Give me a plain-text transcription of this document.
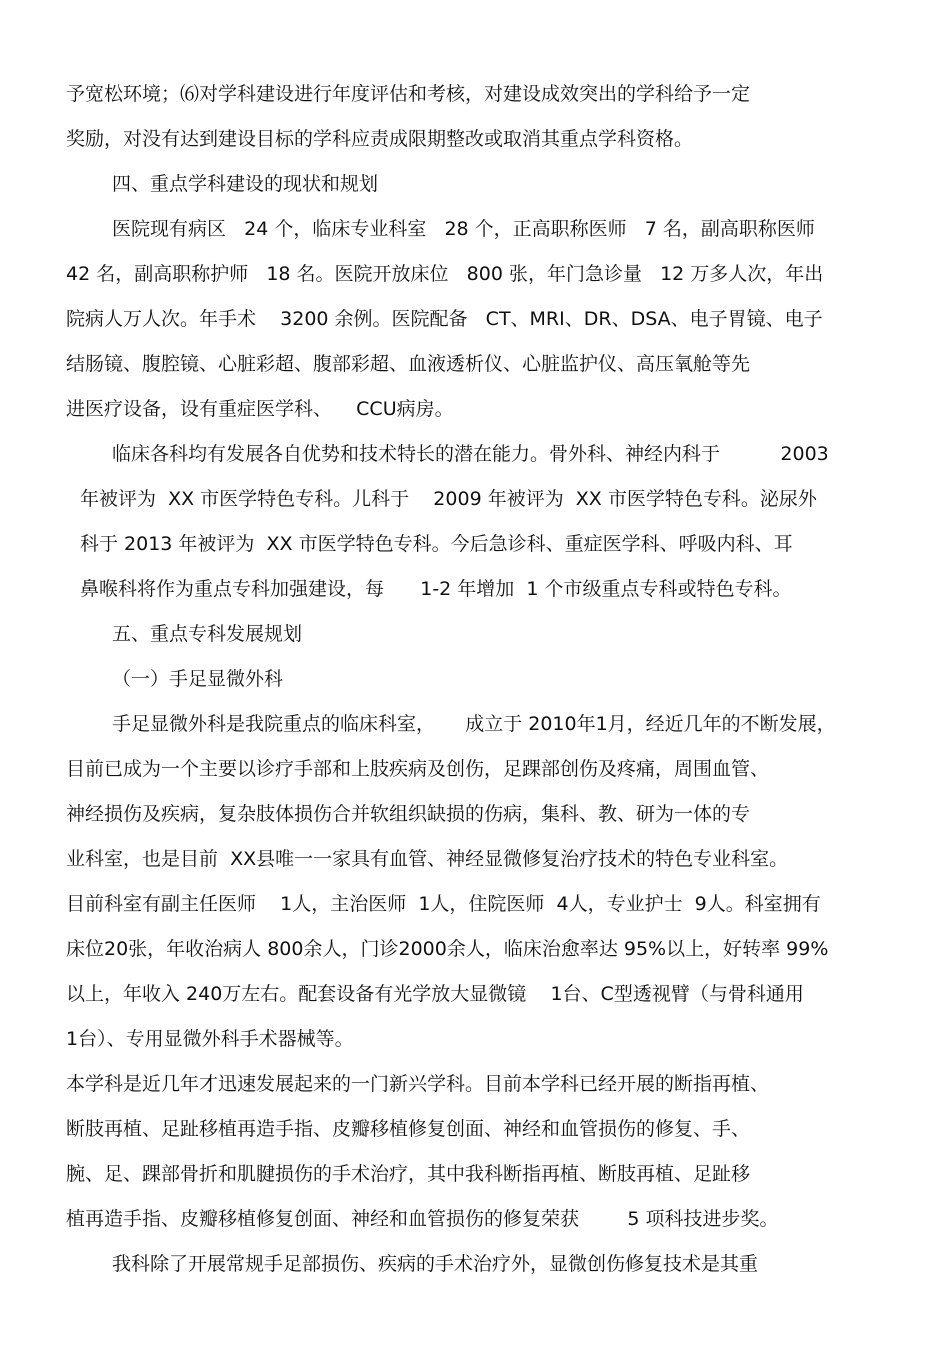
予宽松环境；⑹对学科建设进行年度评估和考核，对建设成效突出的学科给予一定

奖励，对没有达到建设目标的学科应责成限期整改或取消其重点学科资格。

四、重点学科建设的现状和规划

医院现有病区   24 个，临床专业科室   28 个，正高职称医师   7 名，副高职称医师

42 名，副高职称护师   18 名。医院开放床位   800 张，年门急诊量   12 万多人次，年出

院病人万人次。年手术    3200 余例。医院配备   CT、MRI、DR、DSA、电子胃镜、电子

结肠镜、腹腔镜、心脏彩超、腹部彩超、血液透析仪、心脏监护仪、高压氧舱等先

进医疗设备，设有重症医学科、    CCU病房。

临床各科均有发展各自优势和技术特长的潜在能力。骨外科、神经内科于          2003

年被评为  XX 市医学特色专科。儿科于    2009 年被评为  XX 市医学特色专科。泌尿外

科于 2013 年被评为  XX 市医学特色专科。今后急诊科、重症医学科、呼吸内科、耳

鼻喉科将作为重点专科加强建设，每      1-2 年增加  1 个市级重点专科或特色专科。

五、重点专科发展规划

（一）手足显微外科

手足显微外科是我院重点的临床科室，     成立于 2010年1月，经近几年的不断发展，

目前已成为一个主要以诊疗手部和上肢疾病及创伤，足踝部创伤及疼痛，周围血管、

神经损伤及疾病，复杂肢体损伤合并软组织缺损的伤病，集科、教、研为一体的专

业科室，也是目前  XX县唯一一家具有血管、神经显微修复治疗技术的特色专业科室。

目前科室有副主任医师    1人，主治医师  1人，住院医师  4人，专业护士  9人。科室拥有

床位20张，年收治病人 800余人，门诊2000余人，临床治愈率达 95%以上，好转率 99%

以上，年收入 240万左右。配套设备有光学放大显微镜    1台、C型透视臂（与骨科通用

1台）、专用显微外科手术器械等。

本学科是近几年才迅速发展起来的一门新兴学科。目前本学科已经开展的断指再植、

断肢再植、足趾移植再造手指、皮瓣移植修复创面、神经和血管损伤的修复、手、

腕、足、踝部骨折和肌腱损伤的手术治疗，其中我科断指再植、断肢再植、足趾移

植再造手指、皮瓣移植修复创面、神经和血管损伤的修复荣获        5 项科技进步奖。

我科除了开展常规手足部损伤、疾病的手术治疗外，显微创伤修复技术是其重
